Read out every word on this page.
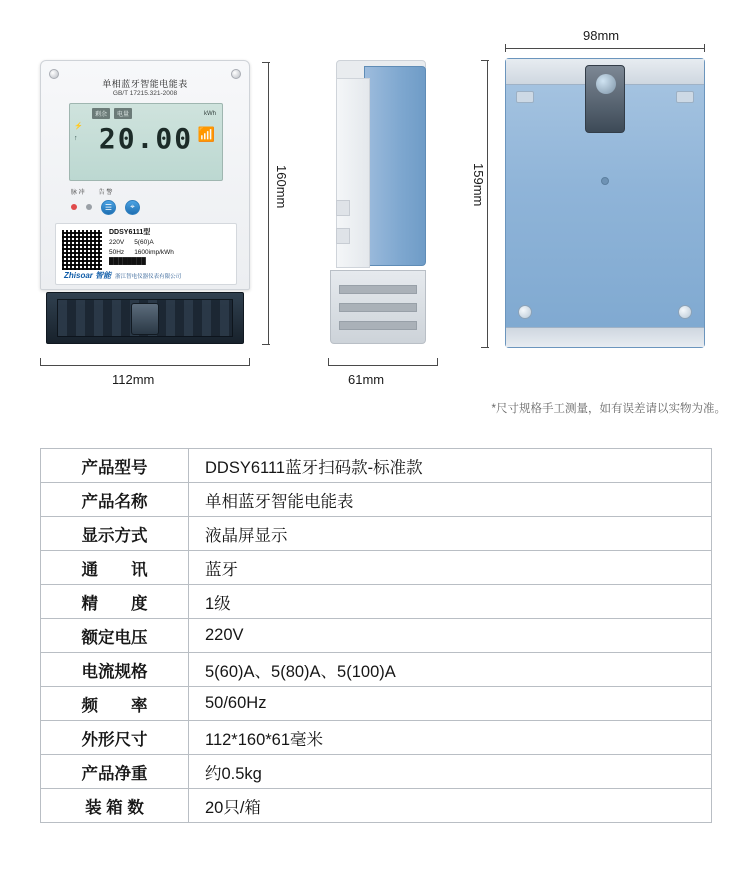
单相蓝牙智能电能表
GB/T 17215.321-2008
剩余	电量	kWh
⚡
↑ 20.00 📶
脉 冲 告 警
☰	⌖
DDSY6111型
220V 5(60)A
50Hz 1600imp/kWh
████████
Zhisoar 智能 浙江智电仪器仪表有限公司
112mm
160mm
61mm
98mm
159mm
*尺寸规格手工测量，如有误差请以实物为准。
产品型号	DDSY6111蓝牙扫码款-标准款
产品名称	单相蓝牙智能电能表
显示方式	液晶屏显示
通　　讯	蓝牙
精　　度	1级
额定电压	220V
电流规格	5(60)A、5(80)A、5(100)A
频　　率	50/60Hz
外形尺寸	112*160*61毫米
产品净重	约0.5kg
装 箱 数	20只/箱
